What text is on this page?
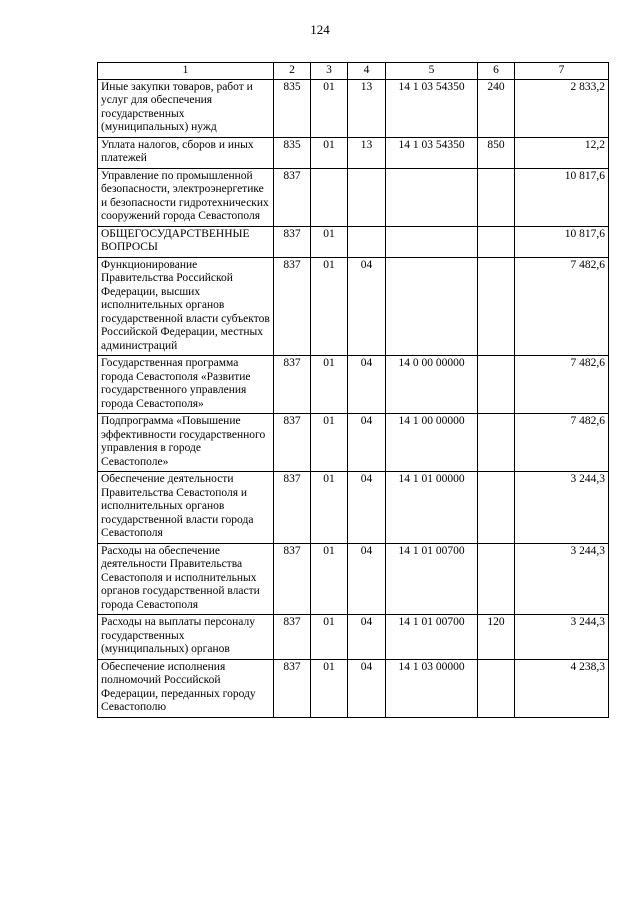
124
1	2	3	4	5	6	7
Иные закупки товаров, работ и услуг для обеспечения государственных (муниципальных) нужд	835	01	13	14 1 03 54350	240	2 833,2
Уплата налогов, сборов и иных платежей	835	01	13	14 1 03 54350	850	12,2
Управление по промышленной безопасности, электроэнергетике и безопасности гидротехнических сооружений города Севастополя	837					10 817,6
ОБЩЕГОСУДАРСТВЕННЫЕ ВОПРОСЫ	837	01				10 817,6
Функционирование Правительства Российской Федерации, высших исполнительных органов государственной власти субъектов Российской Федерации, местных администраций	837	01	04			7 482,6
Государственная программа города Севастополя «Развитие государственного управления города Севастополя»	837	01	04	14 0 00 00000		7 482,6
Подпрограмма «Повышение эффективности государственного управления в городе Севастополе»	837	01	04	14 1 00 00000		7 482,6
Обеспечение деятельности Правительства Севастополя и исполнительных органов государственной власти города Севастополя	837	01	04	14 1 01 00000		3 244,3
Расходы на обеспечение деятельности Правительства Севастополя и исполнительных органов государственной власти города Севастополя	837	01	04	14 1 01 00700		3 244,3
Расходы на выплаты персоналу государственных (муниципальных) органов	837	01	04	14 1 01 00700	120	3 244,3
Обеспечение исполнения полномочий Российской Федерации, переданных городу Севастополю	837	01	04	14 1 03 00000		4 238,3
